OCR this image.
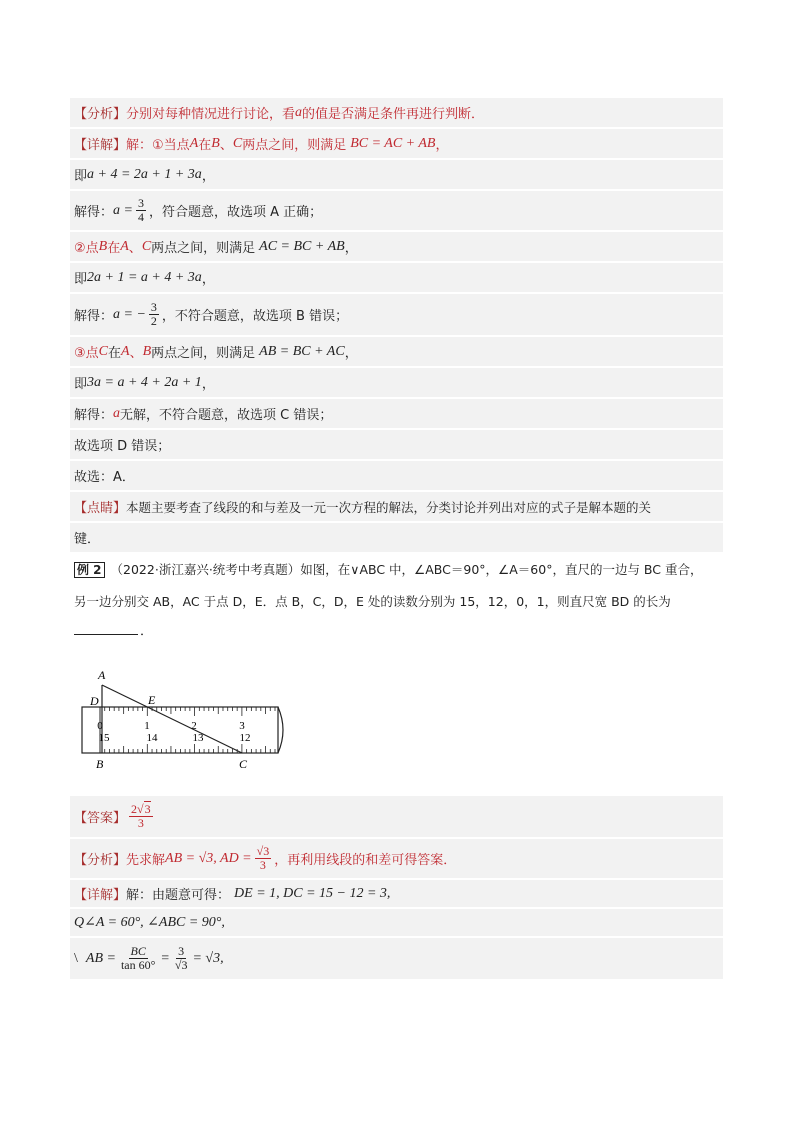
【分析】 分别对每种情况进行讨论，看 a 的值是否满足条件再进行判断．
【详解】 解： ①当点 A 在 B 、 C 两点之间，则满足 BC = AC + AB ，
即 a + 4 = 2a + 1 + 3a ，
解得： $a = \frac{3}{4}$ ，符合题意，故选项 A 正确；
②点 B 在 A 、 C 两点之间，则满足 AC = BC + AB ，
即 2a + 1 = a + 4 + 3a ，
解得： a = − $\frac{3}{2}$ ，不符合题意，故选项 B 错误；
③点 C 在 A 、 B 两点之间，则满足 AB = BC + AC ，
即 3a = a + 4 + 2a + 1 ，
解得： a 无解，不符合题意，故选项 C 错误；
故选项 D 错误；
故选：A．
【点睛】 本题主要考查了线段的和与差及一元一次方程的解法，分类讨论并列出对应的式子是解本题的关
键．
例 2 （2022·浙江嘉兴·统考中考真题）如图，在∨ABC 中，∠ABC＝90°，∠A＝60°，直尺的一边与 BC 重合，
另一边分别交 AB，AC 于点 D，E．点 B，C，D，E 处的读数分别为 15，12，0，1，则直尺宽 BD 的长为
．
0	1	2	3
15	14	13	12
A
D	E
B	C
【答案】 $\frac{2√3}{3}$
【分析】 先求解 AB = √3, AD = $\frac{√3}{3}$ ，再利用线段的和差可得答案．
【详解】 解：由题意可得： DE = 1, DC = 15 − 12 = 3,
Q∠A = 60°, ∠ABC = 90°,
\ AB = $\frac{BC}{\tan 60^\circ} = \frac{3}{√3} = √3$,
